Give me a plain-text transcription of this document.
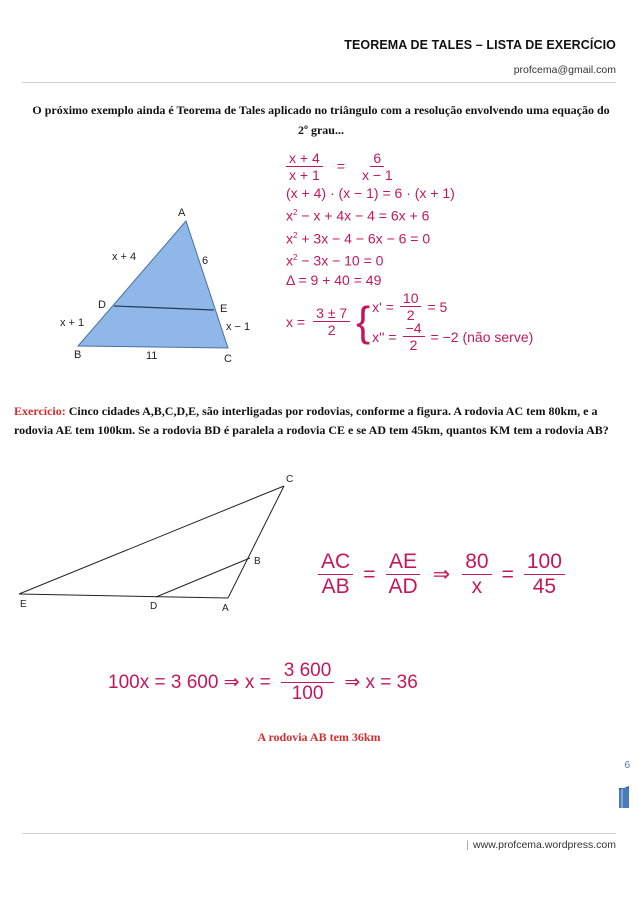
TEOREMA DE TALES – LISTA DE EXERCÍCIO
profcema@gmail.com
O próximo exemplo ainda é Teorema de Tales aplicado no triângulo com a resolução envolvendo uma equação do 2º grau...
A
D	E
B	C
x + 4	6
x + 1	x − 1
11
$\frac{x + 4}{x + 1} = \frac{6}{x - 1}$
(x + 4) · (x − 1) = 6 · (x + 1)
$x^2 - x + 4x - 4 = 6x + 6$
$x^2 + 3x - 4 - 6x - 6 = 0$
$x^2 - 3x - 10 = 0$
Δ = 9 + 40 = 49
$x = \frac{3 \pm 7}{2}$ { $x' = \frac{10}{2} = 5$
$x'' = \frac{-4}{2} = -2$ (não serve)
Exercício: Cinco cidades A,B,C,D,E, são interligadas por rodovias, conforme a figura. A rodovia AC tem 80km, e a rodovia AE tem 100km. Se a rodovia BD é paralela a rodovia CE e se AD tem 45km, quantos KM tem a rodovia AB?
C
B
E	D	A
$\frac{AC}{AB} = \frac{AE}{AD}$ ⇒ $\frac{80}{x} = \frac{100}{45}$
100x = 3 600 ⇒ $x = \frac{3 600}{100}$ ⇒ x = 36
A rodovia AB tem 36km
6
| www.profcema.wordpress.com
